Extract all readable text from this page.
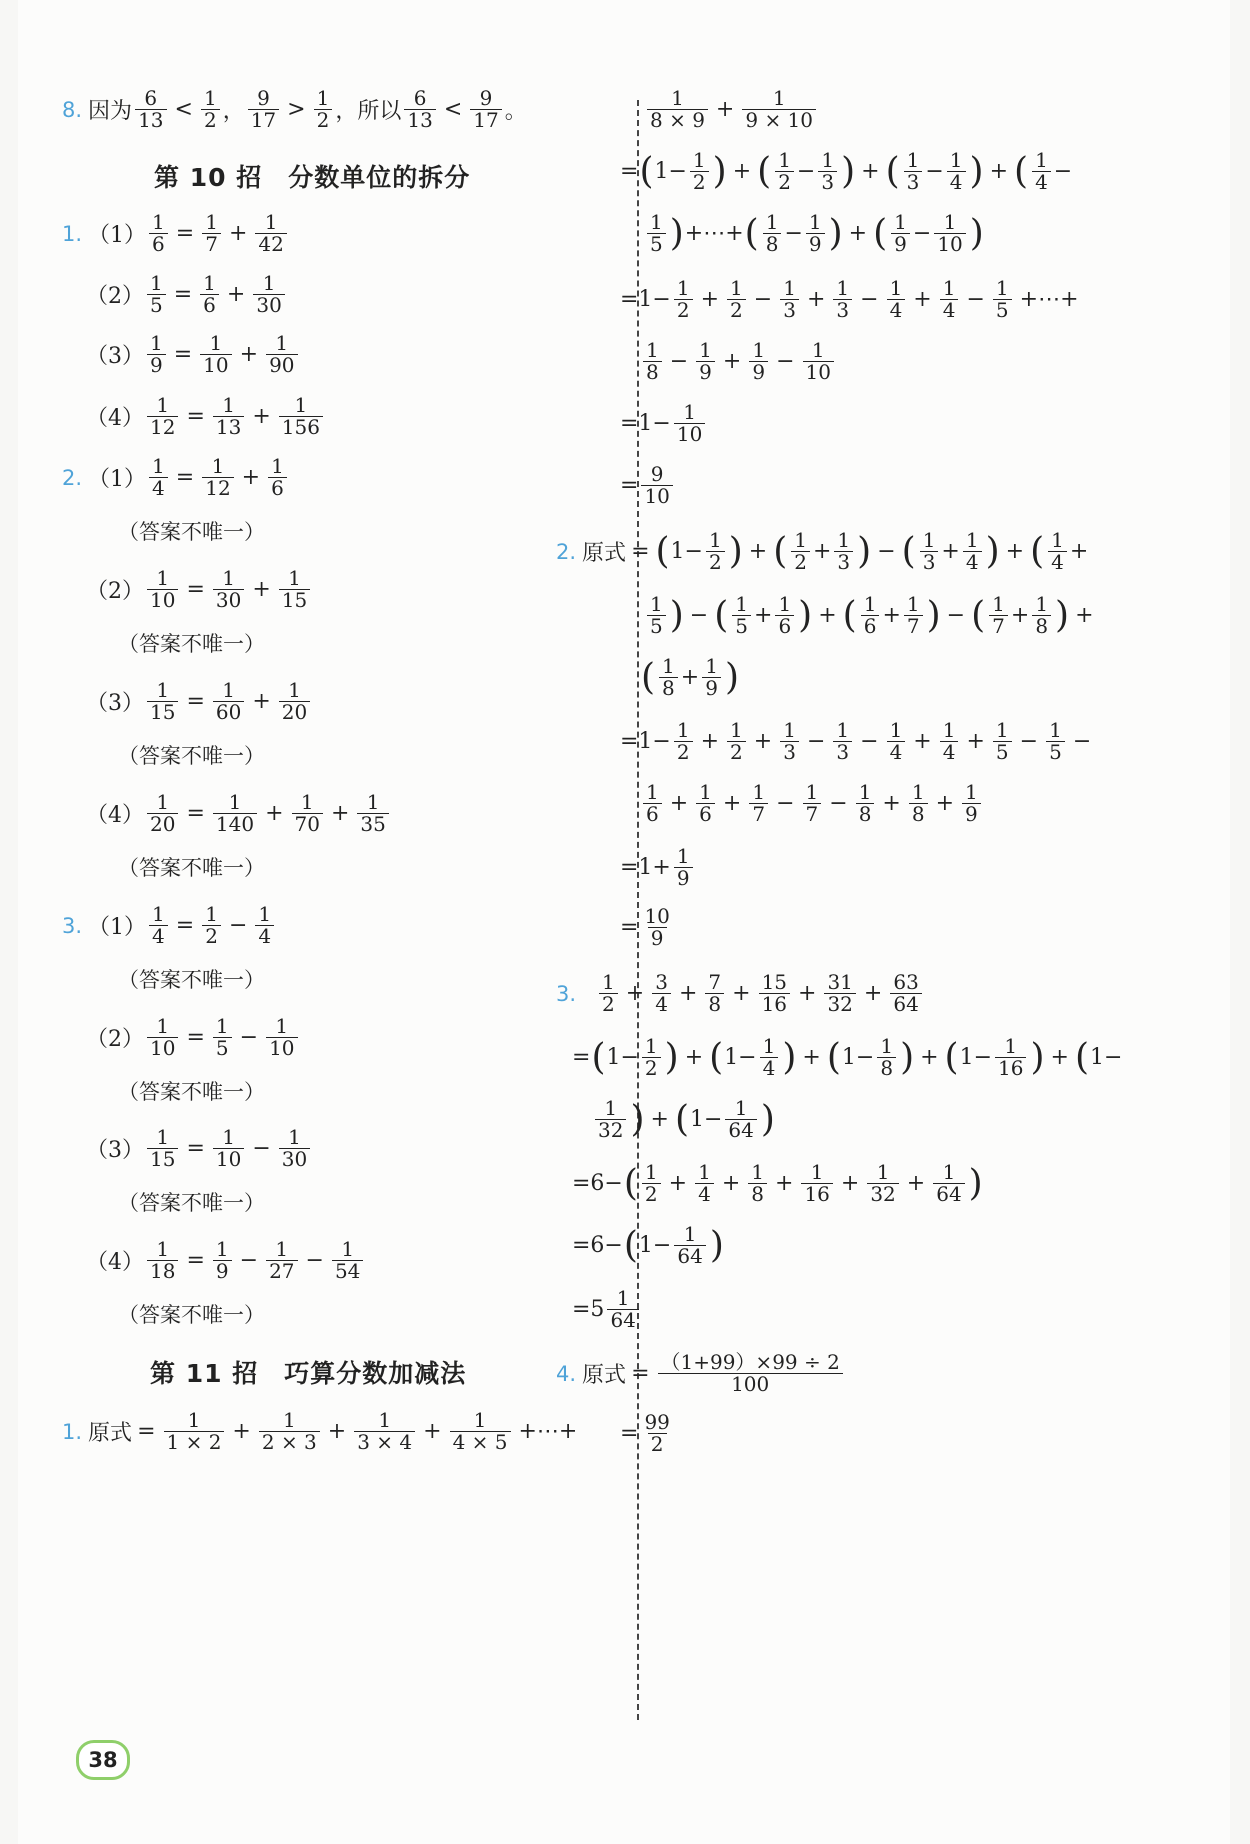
8. 因为 $\frac{6}{13} < \frac{1}{2}$ ， $\frac{9}{17} > \frac{1}{2}$ ， 所以 $\frac{6}{13} < \frac{9}{17}$ 。
第 10 招　分数单位的拆分
1. $(1) \frac{1}{6} = \frac{1}{7} + \frac{1}{42}$
$(2) \frac{1}{5} = \frac{1}{6} + \frac{1}{30}$
$(3) \frac{1}{9} = \frac{1}{10} + \frac{1}{90}$
$(4) \frac{1}{12} = \frac{1}{13} + \frac{1}{156}$
2. $(1) \frac{1}{4} = \frac{1}{12} + \frac{1}{6}$
（答案不唯一）
$(2) \frac{1}{10} = \frac{1}{30} + \frac{1}{15}$
（答案不唯一）
$(3) \frac{1}{15} = \frac{1}{60} + \frac{1}{20}$
（答案不唯一）
$(4) \frac{1}{20} = \frac{1}{140} + \frac{1}{70} + \frac{1}{35}$
（答案不唯一）
3. $(1) \frac{1}{4} = \frac{1}{2} - \frac{1}{4}$
（答案不唯一）
$(2) \frac{1}{10} = \frac{1}{5} - \frac{1}{10}$
（答案不唯一）
$(3) \frac{1}{15} = \frac{1}{10} - \frac{1}{30}$
（答案不唯一）
$(4) \frac{1}{18} = \frac{1}{9} - \frac{1}{27} - \frac{1}{54}$
（答案不唯一）
第 11 招　巧算分数加减法
1. 原式 = $\frac{1}{1 \times 2} + \frac{1}{2 \times 3} + \frac{1}{3 \times 4} + \frac{1}{4 \times 5}$ +⋯+
$\frac{1}{8 \times 9} + \frac{1}{9 \times 10}$
= ( $1- \frac{1}{2}$ ) + ( $\frac{1}{2} - \frac{1}{3}$ ) + ( $\frac{1}{3} - \frac{1}{4}$ ) + ( $\frac{1}{4}$ −
$\frac{1}{5}$ ) +⋯+ ( $\frac{1}{8} - \frac{1}{9}$ ) + ( $\frac{1}{9} - \frac{1}{10}$ )
$=1- \frac{1}{2} + \frac{1}{2} - \frac{1}{3} + \frac{1}{3} - \frac{1}{4} + \frac{1}{4} - \frac{1}{5}$ +⋯+
$\frac{1}{8} - \frac{1}{9} + \frac{1}{9} - \frac{1}{10}$
$=1- \frac{1}{10}$
= $\frac{9}{10}$
2. 原式 = ( $1- \frac{1}{2}$ ) + ( $\frac{1}{2} + \frac{1}{3}$ ) − ( $\frac{1}{3} + \frac{1}{4}$ ) + ( $\frac{1}{4}$ +
$\frac{1}{5}$ ) − ( $\frac{1}{5} + \frac{1}{6}$ ) + ( $\frac{1}{6} + \frac{1}{7}$ ) − ( $\frac{1}{7} + \frac{1}{8}$ ) +
( $\frac{1}{8} + \frac{1}{9}$ )
$=1- \frac{1}{2} + \frac{1}{2} + \frac{1}{3} - \frac{1}{3} - \frac{1}{4} + \frac{1}{4} + \frac{1}{5} - \frac{1}{5}$ −
$\frac{1}{6} + \frac{1}{6} + \frac{1}{7} - \frac{1}{7} - \frac{1}{8} + \frac{1}{8} + \frac{1}{9}$
$=1+ \frac{1}{9}$
= $\frac{10}{9}$
3. $\frac{1}{2} + \frac{3}{4} + \frac{7}{8} + \frac{15}{16} + \frac{31}{32} + \frac{63}{64}$
= ( $1- \frac{1}{2}$ ) + ( $1- \frac{1}{4}$ ) + ( $1- \frac{1}{8}$ ) + ( $1- \frac{1}{16}$ ) + ( 1−
$\frac{1}{32}$ ) + ( $1- \frac{1}{64}$ )
=6− ( $\frac{1}{2} + \frac{1}{4} + \frac{1}{8} + \frac{1}{16} + \frac{1}{32} + \frac{1}{64}$ )
=6− ( $1- \frac{1}{64}$ )
$=5 \frac{1}{64}$
4. 原式 = $\frac{(1+99)\times 99 \div 2}{100}$
= $\frac{99}{2}$
38
